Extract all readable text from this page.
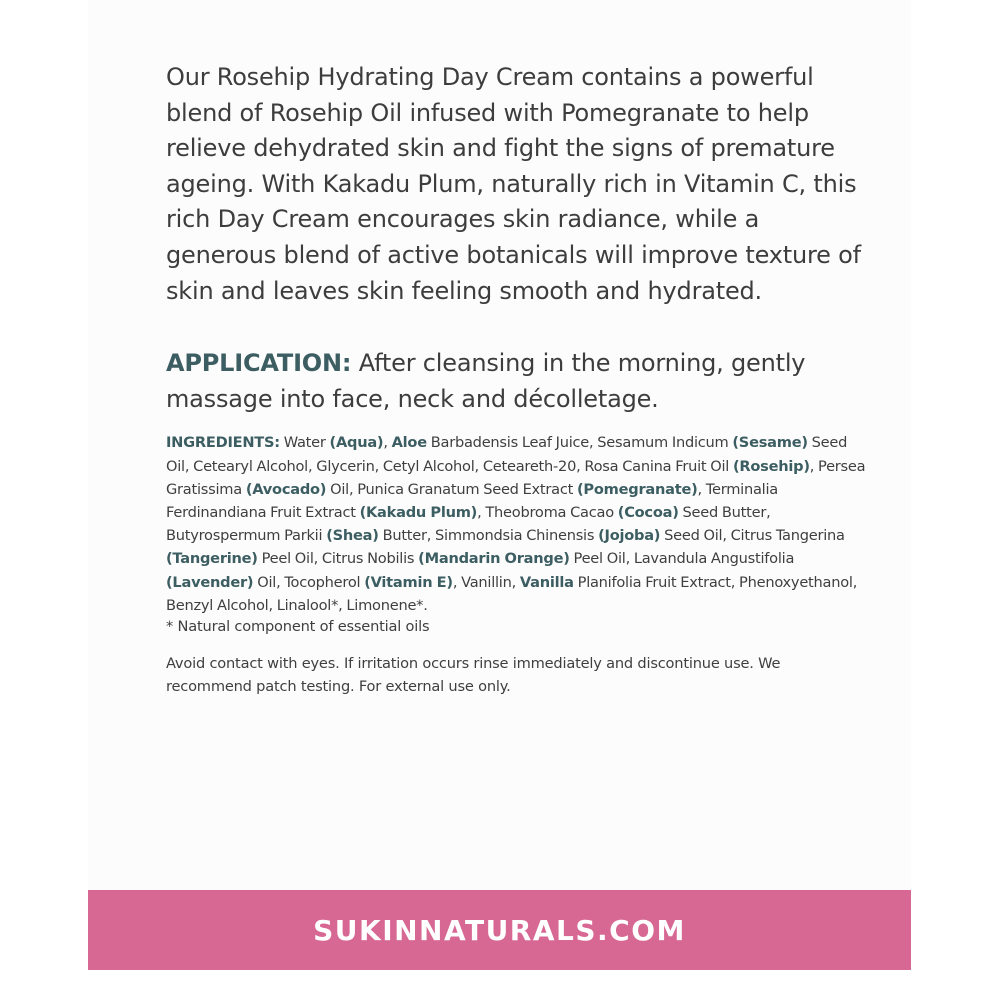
Our Rosehip Hydrating Day Cream contains a powerful blend of Rosehip Oil infused with Pomegranate to help relieve dehydrated skin and fight the signs of premature ageing. With Kakadu Plum, naturally rich in Vitamin C, this rich Day Cream encourages skin radiance, while a generous blend of active botanicals will improve texture of skin and leaves skin feeling smooth and hydrated.

APPLICATION: After cleansing in the morning, gently massage into face, neck and décolletage.

INGREDIENTS: Water (Aqua), Aloe Barbadensis Leaf Juice, Sesamum Indicum (Sesame) Seed Oil, Cetearyl Alcohol, Glycerin, Cetyl Alcohol, Ceteareth-20, Rosa Canina Fruit Oil (Rosehip), Persea Gratissima (Avocado) Oil, Punica Granatum Seed Extract (Pomegranate), Terminalia Ferdinandiana Fruit Extract (Kakadu Plum), Theobroma Cacao (Cocoa) Seed Butter, Butyrospermum Parkii (Shea) Butter, Simmondsia Chinensis (Jojoba) Seed Oil, Citrus Tangerina (Tangerine) Peel Oil, Citrus Nobilis (Mandarin Orange) Peel Oil, Lavandula Angustifolia (Lavender) Oil, Tocopherol (Vitamin E), Vanillin, Vanilla Planifolia Fruit Extract, Phenoxyethanol, Benzyl Alcohol, Linalool*, Limonene*.

* Natural component of essential oils

Avoid contact with eyes. If irritation occurs rinse immediately and discontinue use. We recommend patch testing. For external use only.

SUKINNATURALS.COM
